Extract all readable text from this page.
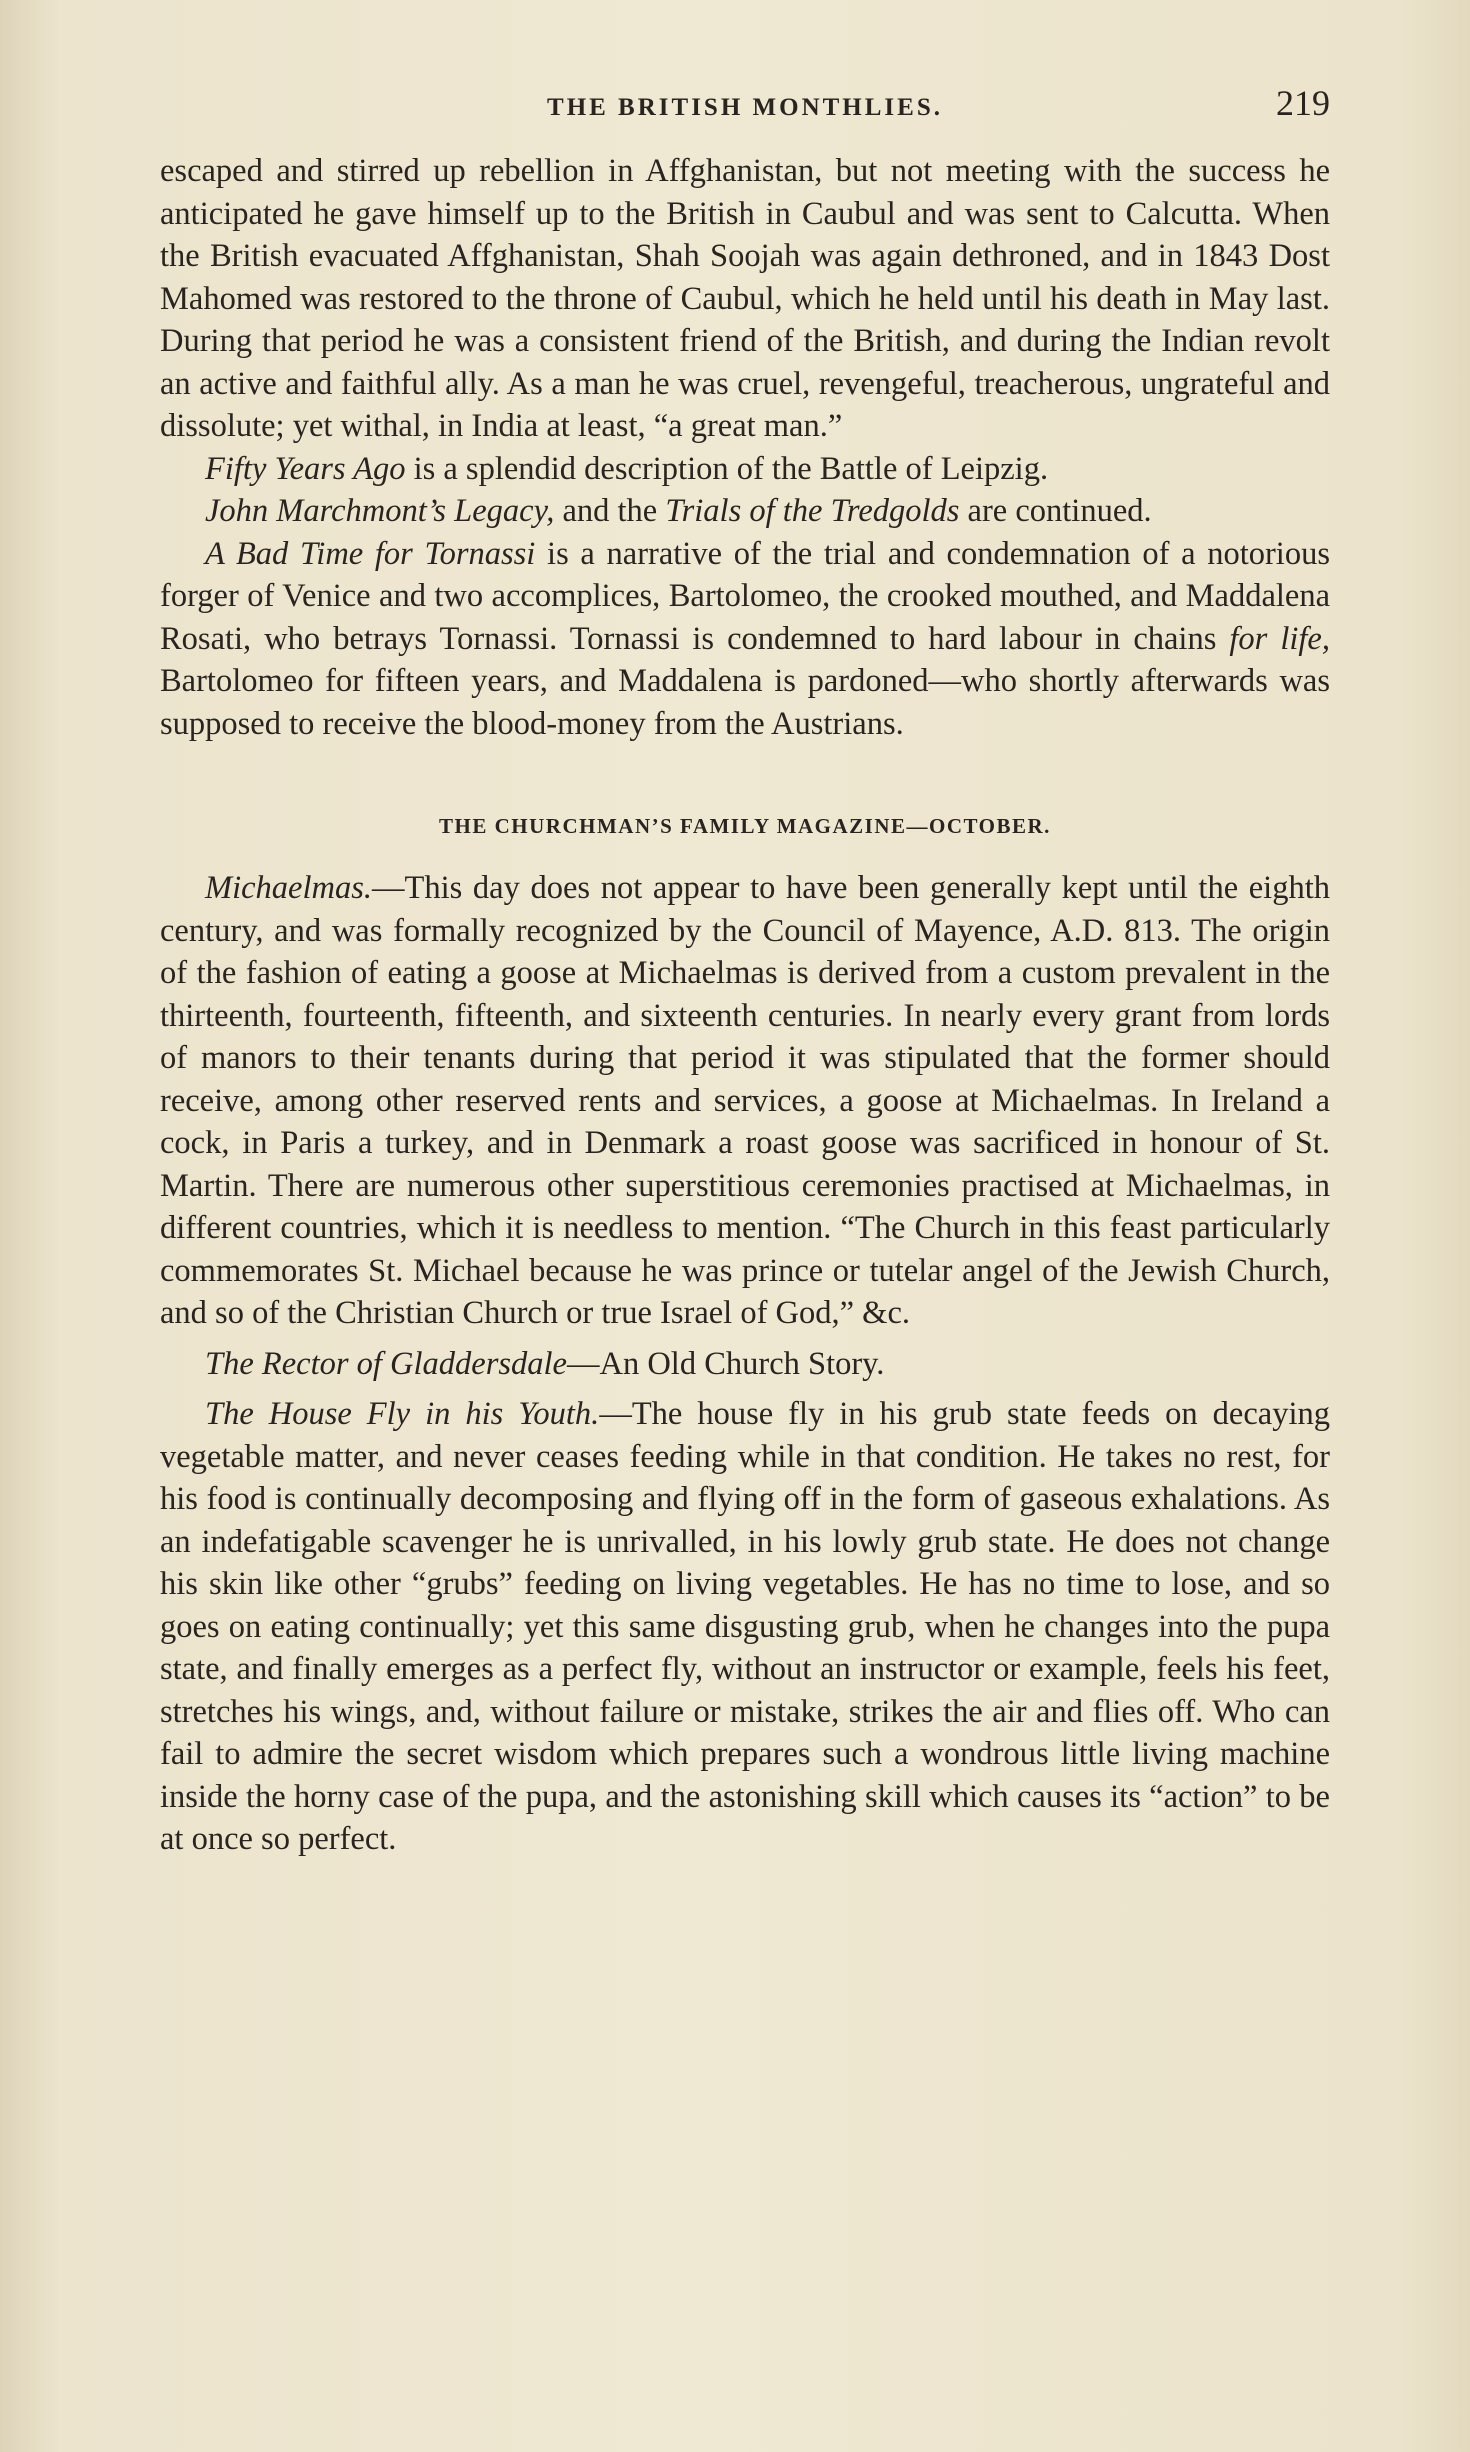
THE BRITISH MONTHLIES.	219

escaped and stirred up rebellion in Affghanistan, but not meeting with the success he anticipated he gave himself up to the British in Caubul and was sent to Calcutta. When the British evacuated Affghanistan, Shah Soojah was again dethroned, and in 1843 Dost Mahomed was restored to the throne of Caubul, which he held until his death in May last. During that period he was a consistent friend of the British, and during the Indian revolt an active and faithful ally. As a man he was cruel, revengeful, treacherous, ungrateful and dissolute; yet withal, in India at least, “a great man.”

Fifty Years Ago is a splendid description of the Battle of Leipzig.

John Marchmont’s Legacy, and the Trials of the Tredgolds are continued.

A Bad Time for Tornassi is a narrative of the trial and condemnation of a notorious forger of Venice and two accomplices, Bartolomeo, the crooked mouthed, and Maddalena Rosati, who betrays Tornassi. Tornassi is condemned to hard labour in chains for life, Bartolomeo for fifteen years, and Maddalena is pardoned—who shortly afterwards was supposed to receive the blood-money from the Austrians.

THE CHURCHMAN’S FAMILY MAGAZINE—OCTOBER.

Michaelmas.—This day does not appear to have been generally kept until the eighth century, and was formally recognized by the Council of Mayence, A.D. 813. The origin of the fashion of eating a goose at Michaelmas is derived from a custom prevalent in the thirteenth, fourteenth, fifteenth, and sixteenth centuries. In nearly every grant from lords of manors to their tenants during that period it was stipulated that the former should receive, among other reserved rents and services, a goose at Michaelmas. In Ireland a cock, in Paris a turkey, and in Denmark a roast goose was sacrificed in honour of St. Martin. There are numerous other superstitious ceremonies practised at Michaelmas, in different countries, which it is needless to mention. “The Church in this feast particularly commemorates St. Michael because he was prince or tutelar angel of the Jewish Church, and so of the Christian Church or true Israel of God,” &c.

The Rector of Gladdersdale—An Old Church Story.

The House Fly in his Youth.—The house fly in his grub state feeds on decaying vegetable matter, and never ceases feeding while in that condition. He takes no rest, for his food is continually decomposing and flying off in the form of gaseous exhalations. As an indefatigable scavenger he is unrivalled, in his lowly grub state. He does not change his skin like other “grubs” feeding on living vegetables. He has no time to lose, and so goes on eating continually; yet this same disgusting grub, when he changes into the pupa state, and finally emerges as a perfect fly, without an instructor or example, feels his feet, stretches his wings, and, without failure or mistake, strikes the air and flies off. Who can fail to admire the secret wisdom which prepares such a wondrous little living machine inside the horny case of the pupa, and the astonishing skill which causes its “action” to be at once so perfect.
